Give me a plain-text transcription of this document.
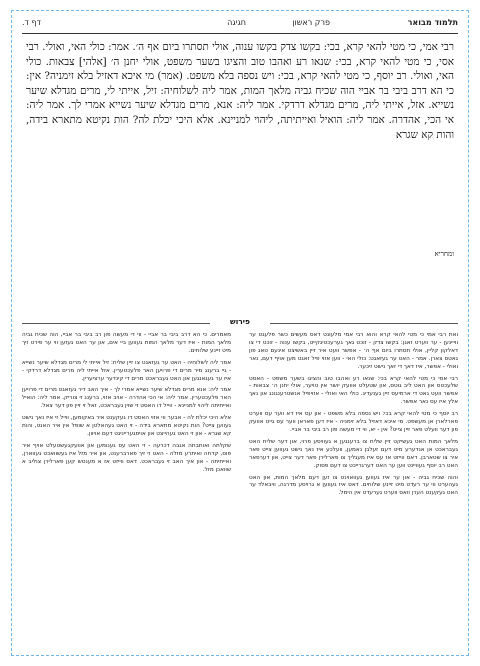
תלמוד מבואר
פרק ראשון
חגיגה
דף ד.
רבי אמי, כי מטי להאי קרא, בכי: בקשו צדק בקשו ענוה, אולי תסתרו ביום אף ה׳. אמר: כולי האי, ואולי. רבי אסי, כי מטי להאי קרא, בכי: שנאו רע ואהבו טוב והציגו בשער משפט, אולי יחנן ה׳ [אלהי] צבאות. כולי האי, ואולי. רב יוסף, כי מטי להאי קרא, בכי: ויש נספה בלא משפט. (אמר) מי איכא דאזיל בלא זימניה? אין: כי הא דרב ביבי בר אביי הוה שכיח גביה מלאך המות, אמר ליה לשלוחיה: זיל, אייתי לי, מרים מגדלא שיער נשייא. אזל, אייתי ליה, מרים מגדלא דרדקי. אמר ליה: אנא, מרים מגדלא שיער נשייא אמרי לך. אמר ליה: אי הכי, אהדרה. אמר ליה: הואיל ואייתיתה, ליהוי למניינא. אלא היכי יכלת לה? הות נקיטא מתארא בידה, והות קא שגרא
ומחריא
פירוש

ואת רבי אמי כי מטי להאי קרא והוא רבי אמי מלעונט דאס מעשים כשר פלעגט ער ווייינען - ער ווערט זאגן: בקשו צדק - זוכט גאך גערעכטיגקייט, בקשו ענוה - זוכט די צו דאלקון קליין, אולי תסתרו ביום אף ה׳ - אפשר וועט איר זיין באשיצט אינעם טאג פון גאטס צארן. אמר - האט ער געזאגט: כולי האי - ווען אזוי פיל זאגט מען אויף דעם, נאר ואולי - אפשר, איז דאך די זאך נישט זיכער.

רבי אסי כי מטי להאי קרא בכי: שנאו רע ואהבו טוב והציגו בשער משפט - האסט שלעכטס און האט ליב גוטס, און שטעלט אוועק יושר אין טויער, אולי יחנן ה׳ צבאות - אפשר וועט גאט די ארמיעס זיין גענעדיג. כולי האי ואולי - אזויפיל אנשטרענגונג און נאך אלץ איז עס נאר אפשר.

רב יוסף כי מטי להאי קרא בכי: ויש נספה בלא משפט - און עס איז דא ווער עס ווערט פארלארן אן מעשפט. מי איכא דאזיל בלא זימניה - איז דען פאראן ווער עס גייט אוועק פון דער וועלט פאר זיין צייט? אין - יא, ווי די מעשה פון רב ביבי בר אביי.

מלאך המות האט געשיקט זיין שליח צו ברענגען א געוויסע פרוי, און דער שליח האט געבראכט אן אנדערע מיט דעם זעלבן נאמען, וועלכע איז נאך נישט געווען צייט פאר איר צו שטארבן. דאס ווייזט אז עס איז מעגליך צו פארלירן פאר דער צייט, און דערפאר האט רב יוסף געוויינט ווען ער האט דערגרייכט צו דעם פסוק.

והוה שכיח גביה - און ער איז געווען געוואוינט צו זען דעם מלאך המות, און האט געהערט ווי ער רעדט מיט זיינע שלוחים. דאס איז געווען א גרויסע מדרגה, וויבאלד ער האט געקענט הערן וואס ווערט גערעדט אין הימל.

מאמרים. כי הא דרב ביבי בר אביי - ווי די מעשה פון רב ביבי בר אביי, הוה שכיח גביה מלאך המות - איז דער מלאך המות געווען ביי אים, און ער האט געזען ווי ער פירט זיך מיט זיינע שלוחים.

אמר ליה לשלוחיה - האט ער געזאגט צו זיין שליח: זיל אייתי לי מרים מגדלא שיער נשייא - גיי ברענג מיר מרים די פרויען האר פלעכטערין. אזל אייתי ליה מרים מגדלא דרדקי - איז ער געגאנגען און האט געבראכט מרים די קינדער ערציערין.

אמר ליה: אנא מרים מגדלא שיער נשייא אמרי לך - איך האב דיר געזאגט מרים די פרויען האר פלעכטערין. אמר ליה: אי הכי אהדרה - אויב אזוי, ברענג זי צוריק. אמר ליה: הואיל ואייתיתה ליהוי למניינא - ווייל דו האסט זי שוין געבראכט, זאל זי זיין פון דער צאל.

אלא היכי יכלת לה - אבער ווי אזוי האסט דו געקענט איר באקומען, ווייל זי איז נאך נישט געווען צייט? הות נקיטא מתארא בידה - זי האט געהאלטן א שופל אין איר האנט, והות קא שגרא - און זי האט געהייצט און אויסגערייניגט דעם אויוון.

שקלתה ואותבתה אגבה דכרעה - זי האט עס גענומען און אוועקגעשטעלט אויף איר פוס, קדחה ואיתרע מזלה - האט זי זיך פארברענט, און איר מזל איז געשוואכט געווארן, ואייתיתה - און איך האב זי געבראכט. דאס ווייזט אז א מענטש קען פארלירן צוליב א שוואכן מזל.
